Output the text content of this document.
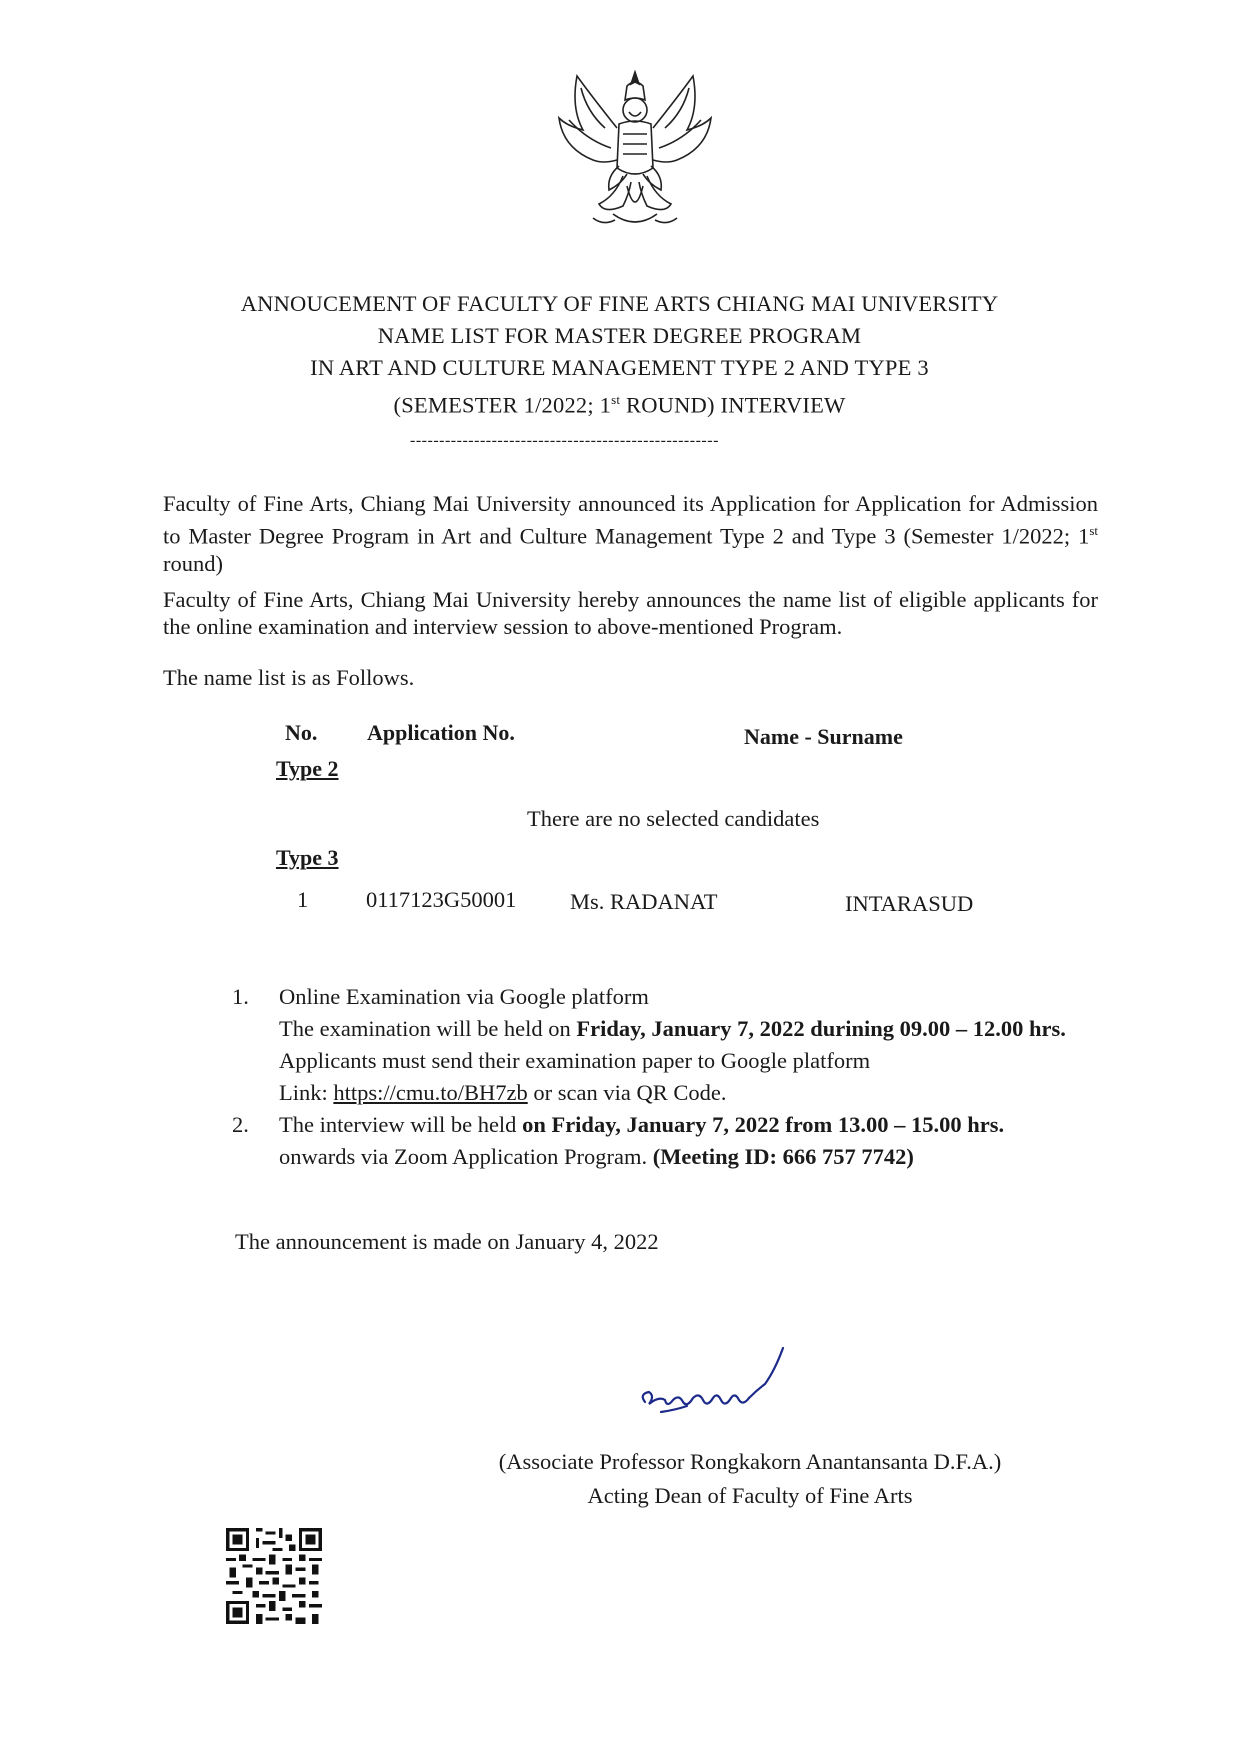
ANNOUCEMENT OF FACULTY OF FINE ARTS CHIANG MAI UNIVERSITY
NAME LIST FOR MASTER DEGREE PROGRAM
IN ART AND CULTURE MANAGEMENT TYPE 2 AND TYPE 3
(SEMESTER 1/2022; 1st ROUND) INTERVIEW
-----------------------------------------------------
Faculty of Fine Arts, Chiang Mai University announced its Application for Application for Admission to Master Degree Program in Art and Culture Management Type 2 and Type 3 (Semester 1/2022; 1st round)
Faculty of Fine Arts, Chiang Mai University hereby announces the name list of eligible applicants for the online examination and interview session to above-mentioned Program.
The name list is as Follows.
No. Application No.	Name - Surname
Type 2
There are no selected candidates
Type 3
1	0117123G50001 Ms. RADANAT	INTARASUD
1. Online Examination via Google platform
The examination will be held on Friday, January 7, 2022 durining 09.00 – 12.00 hrs.
Applicants must send their examination paper to Google platform
Link: https://cmu.to/BH7zb or scan via QR Code.
2. The interview will be held on Friday, January 7, 2022 from 13.00 – 15.00 hrs.
onwards via Zoom Application Program. (Meeting ID: 666 757 7742)
The announcement is made on January 4, 2022
(Associate Professor Rongkakorn Anantansanta D.F.A.)
Acting Dean of Faculty of Fine Arts
